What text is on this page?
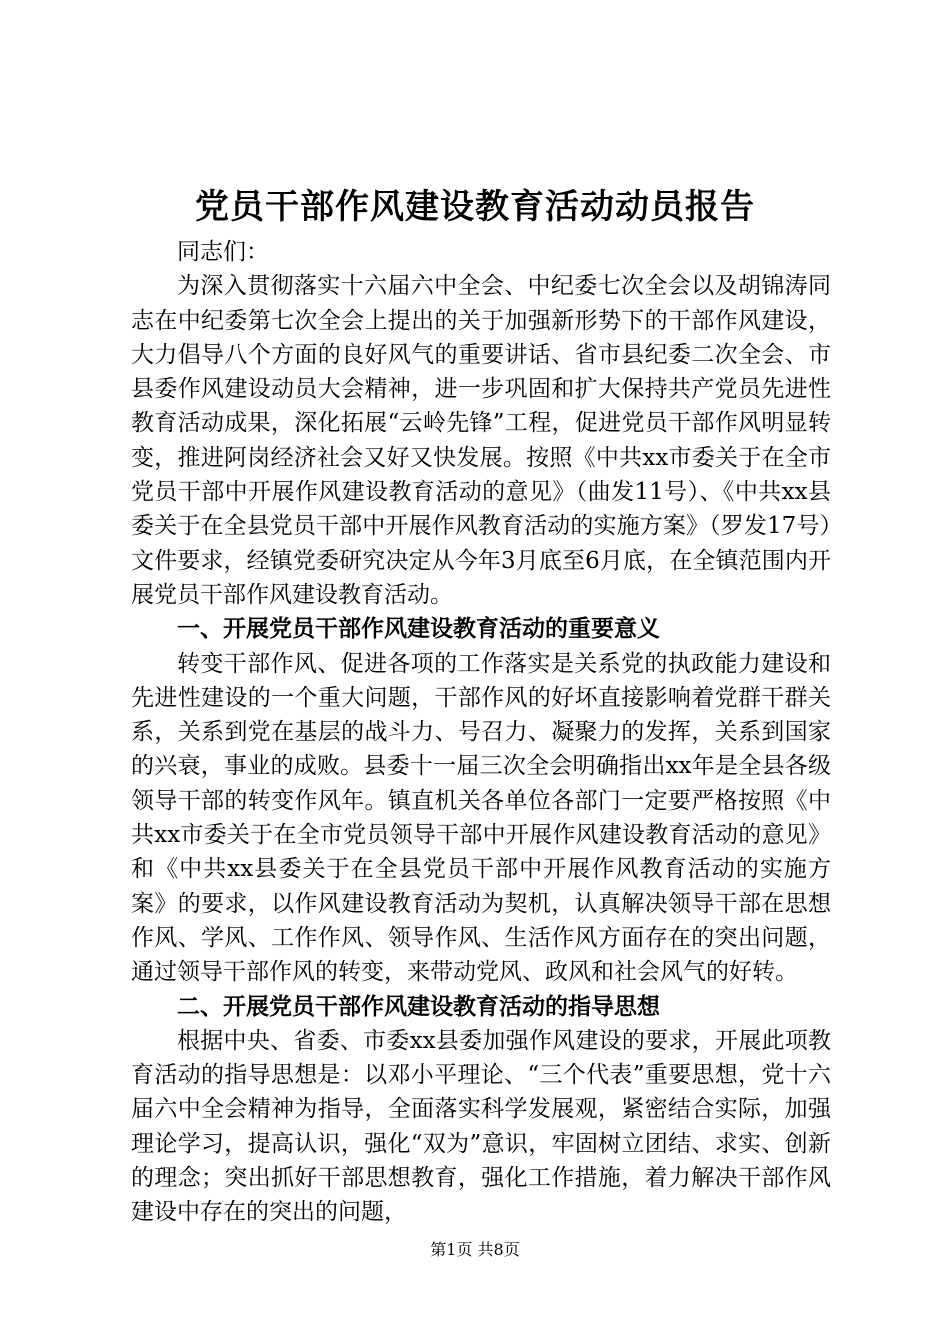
党员干部作风建设教育活动动员报告

同志们：

为深入贯彻落实十六届六中全会、中纪委七次全会以及胡锦涛同志在中纪委第七次全会上提出的关于加强新形势下的干部作风建设，大力倡导八个方面的良好风气的重要讲话、省市县纪委二次全会、市县委作风建设动员大会精神，进一步巩固和扩大保持共产党员先进性教育活动成果，深化拓展“云岭先锋”工程，促进党员干部作风明显转变，推进阿岗经济社会又好又快发展。按照《中共xx市委关于在全市党员干部中开展作风建设教育活动的意见》（曲发11号）、《中共xx县委关于在全县党员干部中开展作风教育活动的实施方案》（罗发17号）文件要求，经镇党委研究决定从今年3月底至6月底，在全镇范围内开展党员干部作风建设教育活动。

一、开展党员干部作风建设教育活动的重要意义

转变干部作风、促进各项的工作落实是关系党的执政能力建设和先进性建设的一个重大问题，干部作风的好坏直接影响着党群干群关系，关系到党在基层的战斗力、号召力、凝聚力的发挥，关系到国家的兴衰，事业的成败。县委十一届三次全会明确指出xx年是全县各级领导干部的转变作风年。镇直机关各单位各部门一定要严格按照《中共xx市委关于在全市党员领导干部中开展作风建设教育活动的意见》和《中共xx县委关于在全县党员干部中开展作风教育活动的实施方案》的要求，以作风建设教育活动为契机，认真解决领导干部在思想作风、学风、工作作风、领导作风、生活作风方面存在的突出问题，通过领导干部作风的转变，来带动党风、政风和社会风气的好转。

二、开展党员干部作风建设教育活动的指导思想

根据中央、省委、市委xx县委加强作风建设的要求，开展此项教育活动的指导思想是：以邓小平理论、“三个代表”重要思想，党十六届六中全会精神为指导，全面落实科学发展观，紧密结合实际，加强理论学习，提高认识，强化“双为”意识，牢固树立团结、求实、创新的理念；突出抓好干部思想教育，强化工作措施，着力解决干部作风建设中存在的突出的问题，

第1页 共8页
